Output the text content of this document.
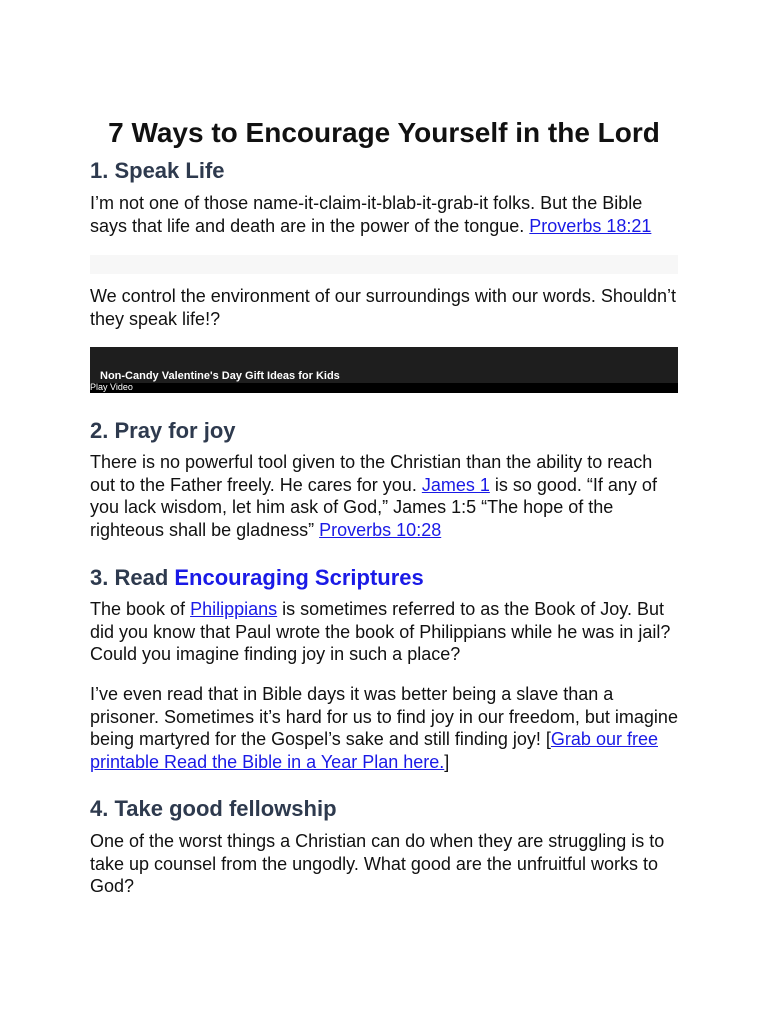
7 Ways to Encourage Yourself in the Lord
1. Speak Life

I’m not one of those name-it-claim-it-blab-it-grab-it folks. But the Bible says that life and death are in the power of the tongue. Proverbs 18:21

We control the environment of our surroundings with our words. Shouldn’t they speak life!?

Non-Candy Valentine's Day Gift Ideas for Kids
Play Video
2. Pray for joy

There is no powerful tool given to the Christian than the ability to reach out to the Father freely. He cares for you. James 1 is so good. “If any of you lack wisdom, let him ask of God,” James 1:5 “The hope of the righteous shall be gladness” Proverbs 10:28

3. Read Encouraging Scriptures

The book of Philippians is sometimes referred to as the Book of Joy. But did you know that Paul wrote the book of Philippians while he was in jail? Could you imagine finding joy in such a place?

I’ve even read that in Bible days it was better being a slave than a prisoner. Sometimes it’s hard for us to find joy in our freedom, but imagine being martyred for the Gospel’s sake and still finding joy! [Grab our free printable Read the Bible in a Year Plan here.]

4. Take good fellowship

One of the worst things a Christian can do when they are struggling is to take up counsel from the ungodly. What good are the unfruitful works to God?
